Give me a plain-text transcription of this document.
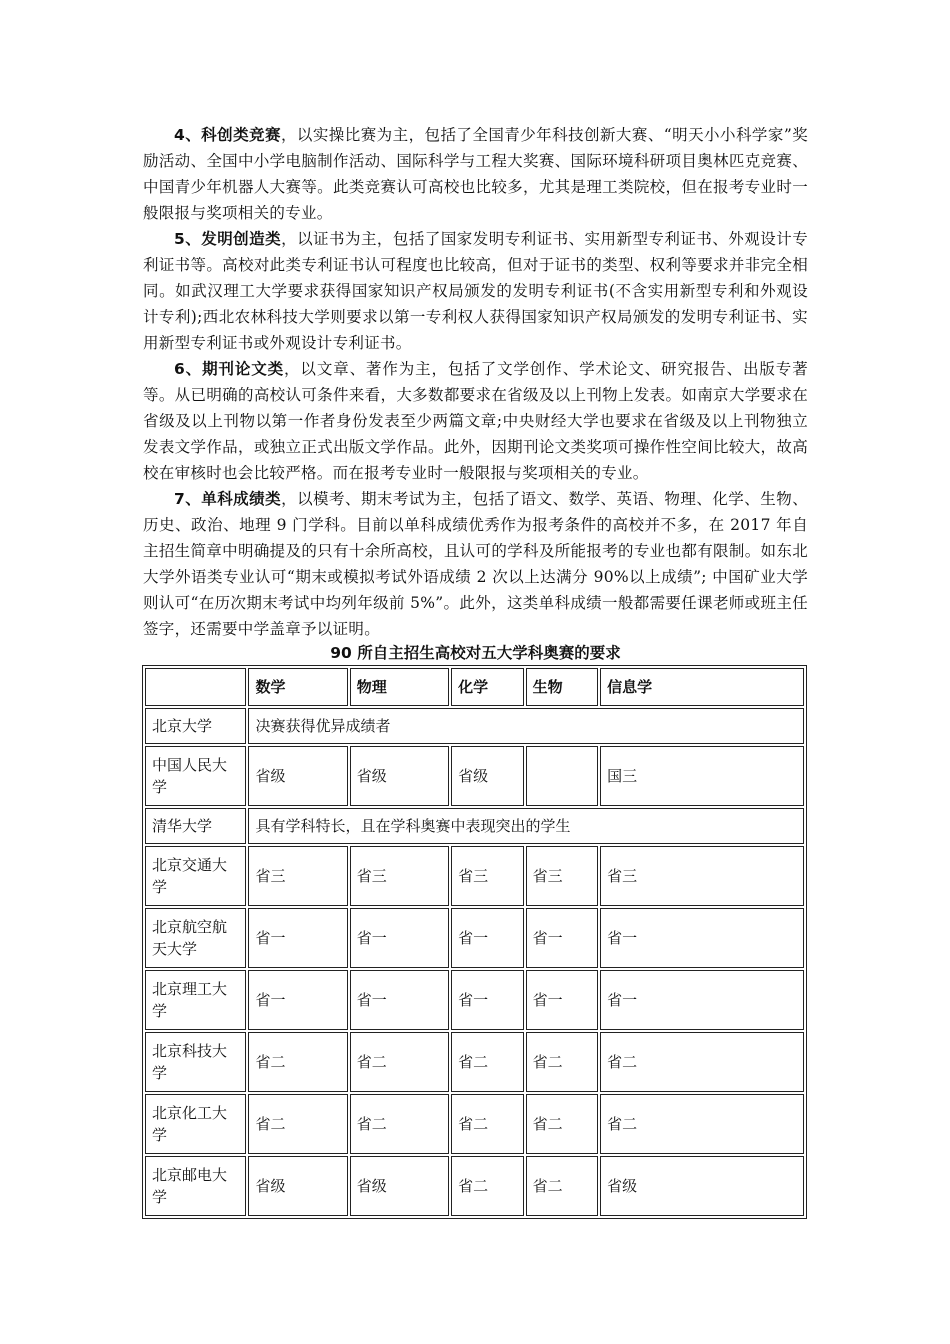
4、科创类竞赛，以实操比赛为主，包括了全国青少年科技创新大赛、“明天小小科学家”奖励活动、全国中小学电脑制作活动、国际科学与工程大奖赛、国际环境科研项目奥林匹克竞赛、中国青少年机器人大赛等。此类竞赛认可高校也比较多，尤其是理工类院校，但在报考专业时一般限报与奖项相关的专业。

5、发明创造类，以证书为主，包括了国家发明专利证书、实用新型专利证书、外观设计专利证书等。高校对此类专利证书认可程度也比较高，但对于证书的类型、权利等要求并非完全相同。如武汉理工大学要求获得国家知识产权局颁发的发明专利证书(不含实用新型专利和外观设计专利);西北农林科技大学则要求以第一专利权人获得国家知识产权局颁发的发明专利证书、实用新型专利证书或外观设计专利证书。

6、期刊论文类，以文章、著作为主，包括了文学创作、学术论文、研究报告、出版专著等。从已明确的高校认可条件来看，大多数都要求在省级及以上刊物上发表。如南京大学要求在省级及以上刊物以第一作者身份发表至少两篇文章;中央财经大学也要求在省级及以上刊物独立发表文学作品，或独立正式出版文学作品。此外，因期刊论文类奖项可操作性空间比较大，故高校在审核时也会比较严格。而在报考专业时一般限报与奖项相关的专业。

7、单科成绩类，以模考、期末考试为主，包括了语文、数学、英语、物理、化学、生物、历史、政治、地理 9 门学科。目前以单科成绩优秀作为报考条件的高校并不多，在 2017 年自主招生简章中明确提及的只有十余所高校，且认可的学科及所能报考的专业也都有限制。如东北大学外语类专业认可“期末或模拟考试外语成绩 2 次以上达满分 90%以上成绩”; 中国矿业大学则认可“在历次期末考试中均列年级前 5%”。此外，这类单科成绩一般都需要任课老师或班主任签字，还需要中学盖章予以证明。

90 所自主招生高校对五大学科奥赛的要求
	数学	物理	化学	生物	信息学
北京大学	决赛获得优异成绩者				
中国人民大学	省级	省级	省级		国三
清华大学	具有学科特长，且在学科奥赛中表现突出的学生				
北京交通大学	省三	省三	省三	省三	省三
北京航空航天大学	省一	省一	省一	省一	省一
北京理工大学	省一	省一	省一	省一	省一
北京科技大学	省二	省二	省二	省二	省二
北京化工大学	省二	省二	省二	省二	省二
北京邮电大学	省级	省级	省二	省二	省级
